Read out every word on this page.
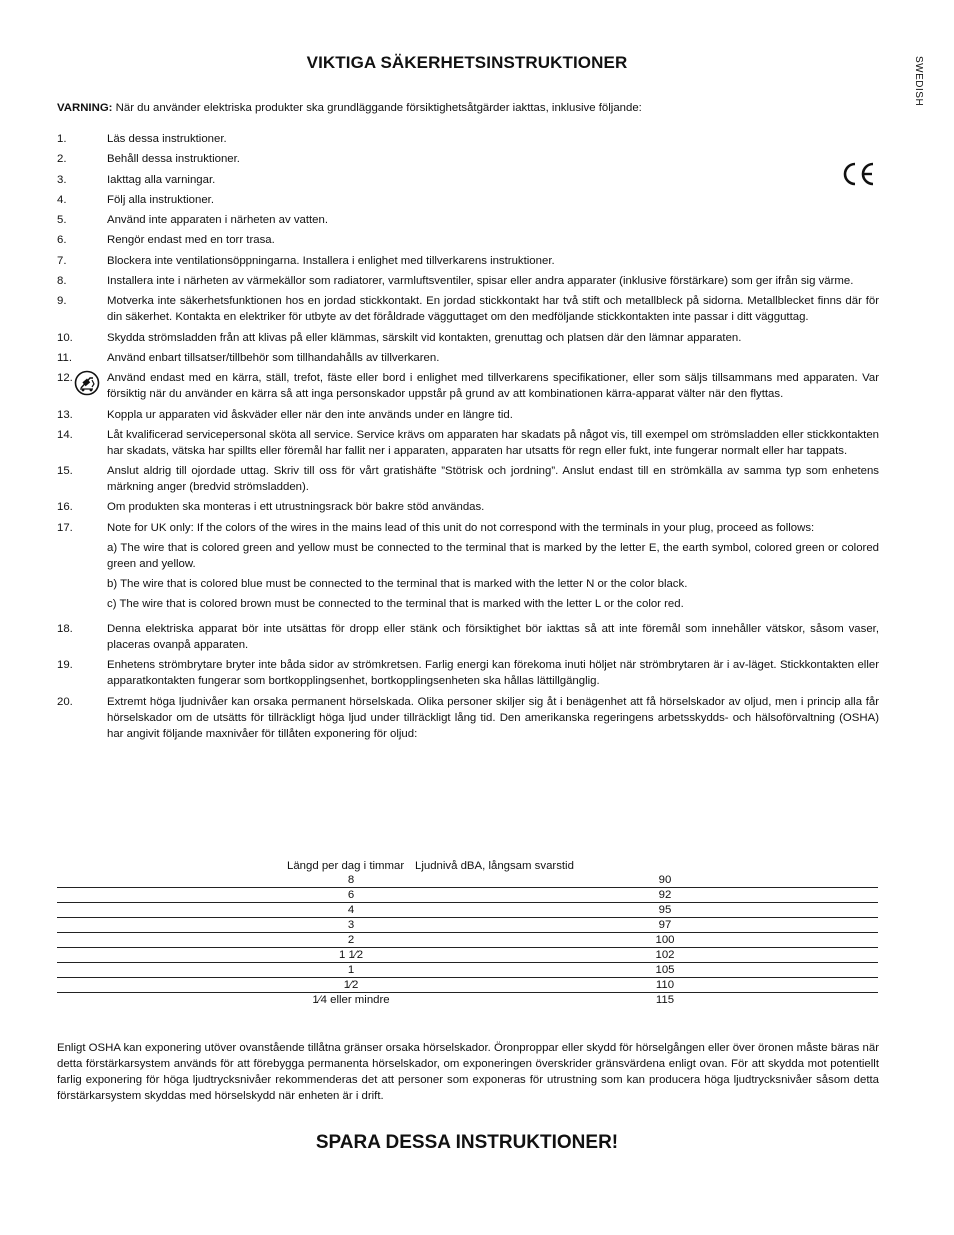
VIKTIGA SÄKERHETSINSTRUKTIONER	SWEDISH
VARNING: När du använder elektriska produkter ska grundläggande försiktighetsåtgärder iakttas, inklusive följande:
1.	Läs dessa instruktioner.
2.	Behåll dessa instruktioner.
3.	Iakttag alla varningar.
4.	Följ alla instruktioner.
5.	Använd inte apparaten i närheten av vatten.
6.	Rengör endast med en torr trasa.
7.	Blockera inte ventilationsöppningarna. Installera i enlighet med tillverkarens instruktioner.
8.	Installera inte i närheten av värmekällor som radiatorer, varmluftsventiler, spisar eller andra apparater (inklusive förstärkare) som ger ifrån sig värme.
9.	Motverka inte säkerhetsfunktionen hos en jordad stickkontakt. En jordad stickkontakt har två stift och metallbleck på sidorna. Metallblecket finns där för din säkerhet. Kontakta en elektriker för utbyte av det föråldrade vägguttaget om den medföljande stickkontakten inte passar i ditt vägguttag.
10.	Skydda strömsladden från att klivas på eller klämmas, särskilt vid kontakten, grenuttag och platsen där den lämnar apparaten.
11.	Använd enbart tillsatser/tillbehör som tillhandahålls av tillverkaren.
12.	Använd endast med en kärra, ställ, trefot, fäste eller bord i enlighet med tillverkarens specifikationer, eller som säljs tillsammans med apparaten. Var försiktig när du använder en kärra så att inga personskador uppstår på grund av att kombinationen kärra-apparat välter när den flyttas.
13.	Koppla ur apparaten vid åskväder eller när den inte används under en längre tid.
14.	Låt kvalificerad servicepersonal sköta all service. Service krävs om apparaten har skadats på något vis, till exempel om strömsladden eller stickkontakten har skadats, vätska har spillts eller föremål har fallit ner i apparaten, apparaten har utsatts för regn eller fukt, inte fungerar normalt eller har tappats.
15.	Anslut aldrig till ojordade uttag. Skriv till oss för vårt gratishäfte ”Stötrisk och jordning”. Anslut endast till en strömkälla av samma typ som enhetens märkning anger (bredvid strömsladden).
16.	Om produkten ska monteras i ett utrustningsrack bör bakre stöd användas.
17.	Note for UK only: If the colors of the wires in the mains lead of this unit do not correspond with the terminals in your plug, proceed as follows:

a) The wire that is colored green and yellow must be connected to the terminal that is marked by the letter E, the earth symbol, colored green or colored green and yellow.

b) The wire that is colored blue must be connected to the terminal that is marked with the letter N or the color black.

c) The wire that is colored brown must be connected to the terminal that is marked with the letter L or the color red.

18.	Denna elektriska apparat bör inte utsättas för dropp eller stänk och försiktighet bör iakttas så att inte föremål som innehåller vätskor, såsom vaser, placeras ovanpå apparaten.
19.	Enhetens strömbrytare bryter inte båda sidor av strömkretsen. Farlig energi kan förekoma inuti höljet när strömbrytaren är i av-läget. Stickkontakten eller apparatkontakten fungerar som bortkopplingsenhet, bortkopplingsenheten ska hållas lättillgänglig.
20.	Extremt höga ljudnivåer kan orsaka permanent hörselskada. Olika personer skiljer sig åt i benägenhet att få hörselskador av oljud, men i princip alla får hörselskador om de utsätts för tillräckligt höga ljud under tillräckligt lång tid. Den amerikanska regeringens arbetsskydds- och hälsoförvaltning (OSHA) har angivit följande maxnivåer för tillåten exponering för oljud:
Längd per dag i timmar Ljudnivå dBA, långsam svarstid
8	90
6	92
4	95
3	97
2	100
1 1⁄2	102
1	105
1⁄2	110
1⁄4 eller mindre	115

Enligt OSHA kan exponering utöver ovanstående tillåtna gränser orsaka hörselskador. Öronproppar eller skydd för hörselgången eller över öronen måste bäras när detta förstärkarsystem används för att förebygga permanenta hörselskador, om exponeringen överskrider gränsvärdena enligt ovan. För att skydda mot potentiellt farlig exponering för höga ljudtrycksnivåer rekommenderas det att personer som exponeras för utrustning som kan producera höga ljudtrycksnivåer såsom detta förstärkarsystem skyddas med hörselskydd när enheten är i drift.

SPARA DESSA INSTRUKTIONER!
